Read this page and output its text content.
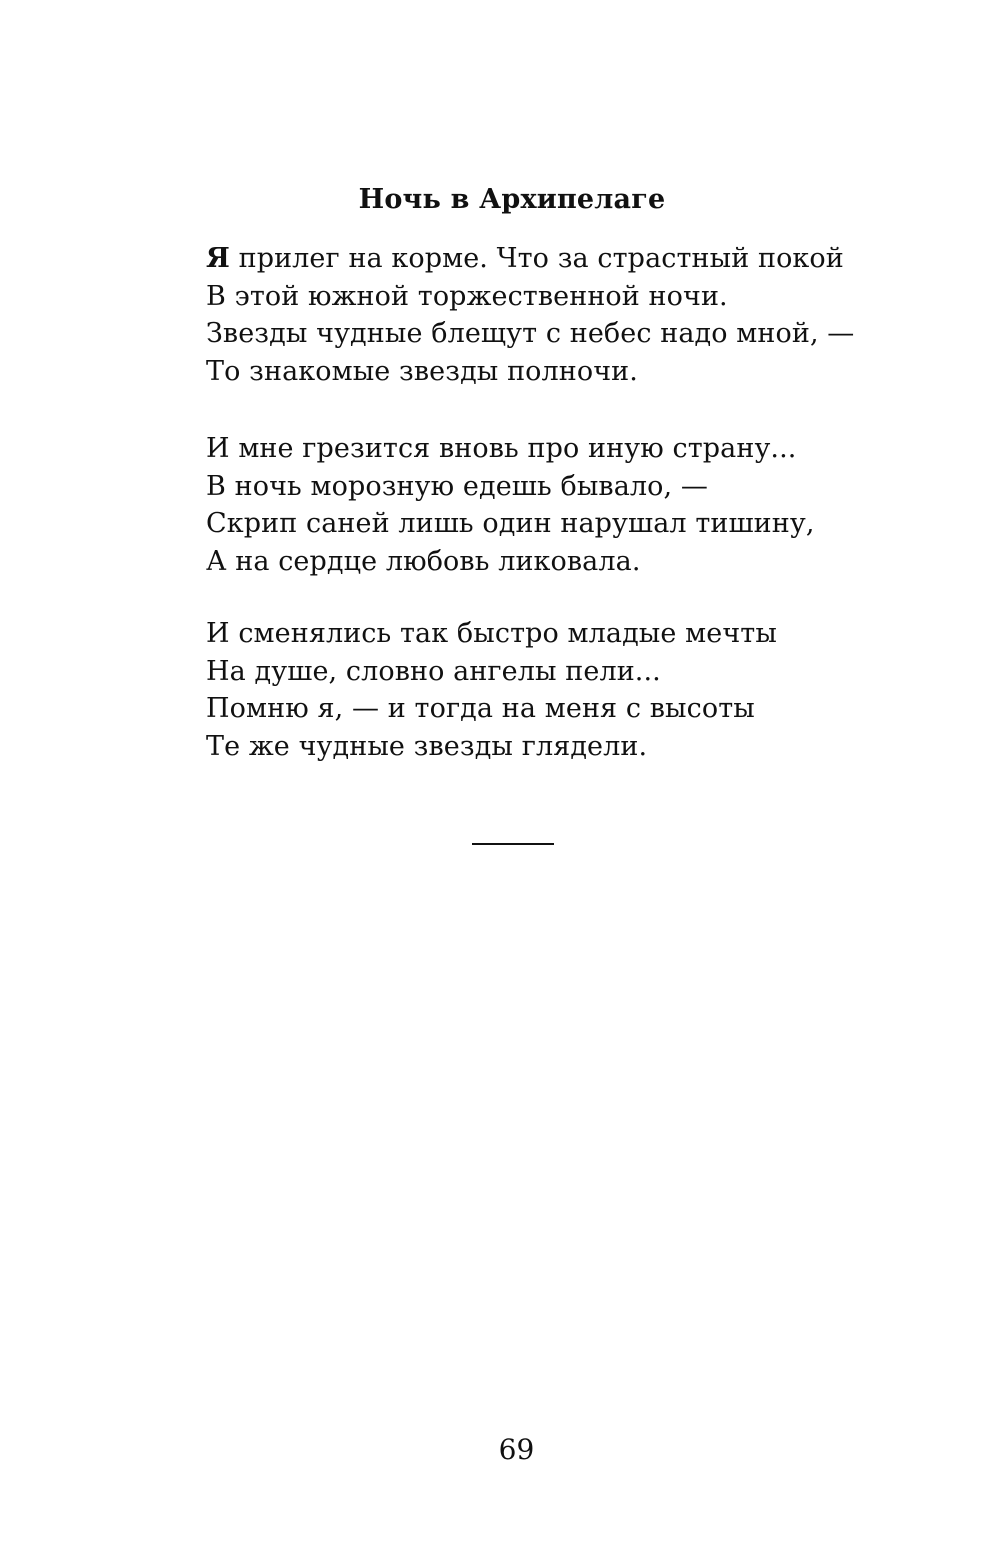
Ночь в Архипелаге
Я прилег на корме. Что за страстный покой
В этой южной торжественной ночи.
Звезды чудные блещут с небес надо мной, —
То знакомые звезды полночи.
И мне грезится вновь про иную страну...
В ночь морозную едешь бывало, —
Скрип саней лишь один нарушал тишину,
А на сердце любовь ликовала.
И сменялись так быстро младые мечты
На душе, словно ангелы пели...
Помню я, — и тогда на меня с высоты
Те же чудные звезды глядели.
69
